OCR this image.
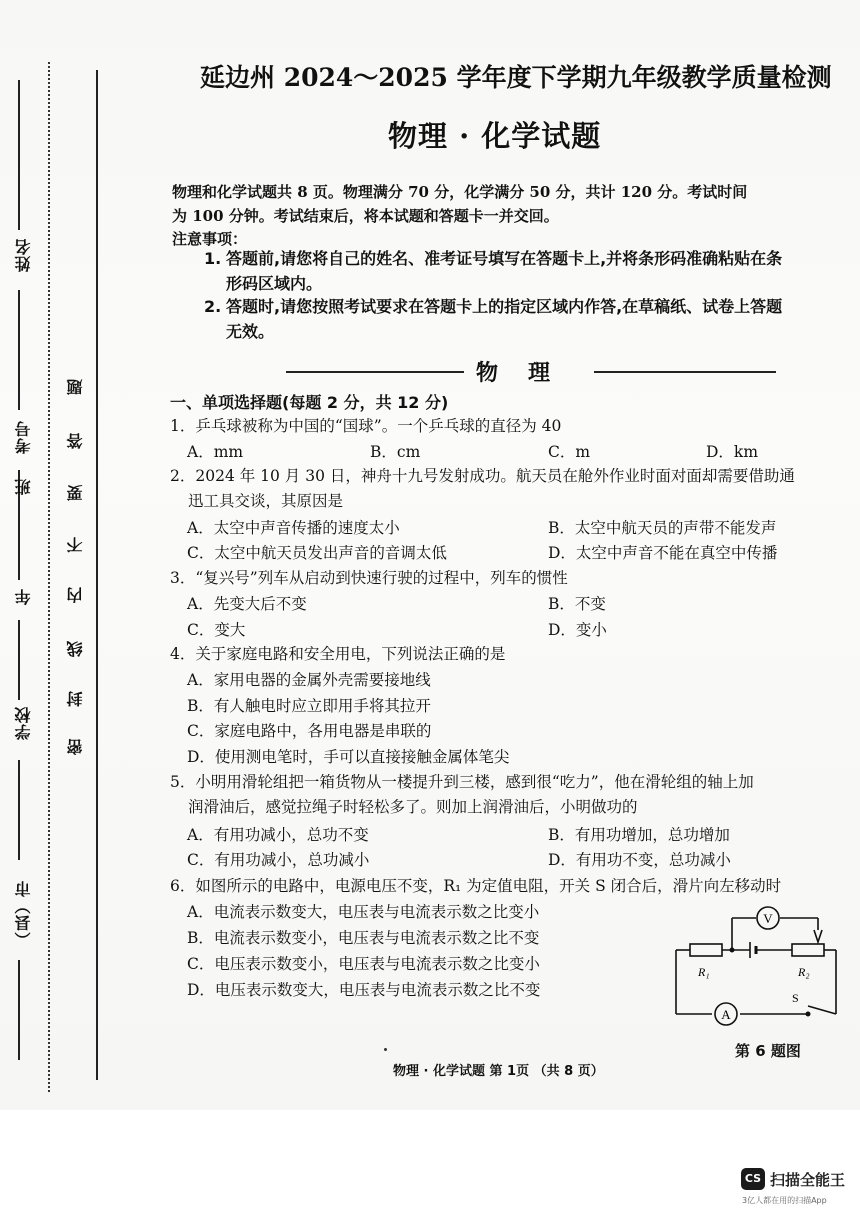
姓名
考号
班
年
学校
（县）市
密
封
线
内
不
要
答
题
延边州 2024～2025 学年度下学期九年级教学质量检测
物理 · 化学试题
物理和化学试题共 8 页。物理满分 70 分，化学满分 50 分，共计 120 分。考试时间
为 100 分钟。考试结束后，将本试题和答题卡一并交回。
注意事项：
1. 答题前,请您将自己的姓名、准考证号填写在答题卡上,并将条形码准确粘贴在条
形码区域内。
2. 答题时,请您按照考试要求在答题卡上的指定区域内作答,在草稿纸、试卷上答题
无效。
物理
一、单项选择题(每题 2 分，共 12 分)
1．乒乓球被称为中国的“国球”。一个乒乓球的直径为 40
A．mm	B．cm	C．m	D．km
2．2024 年 10 月 30 日，神舟十九号发射成功。航天员在舱外作业时面对面却需要借助通
迅工具交谈，其原因是
A．太空中声音传播的速度太小	B．太空中航天员的声带不能发声
C．太空中航天员发出声音的音调太低	D．太空中声音不能在真空中传播
3．“复兴号”列车从启动到快速行驶的过程中，列车的惯性
A．先变大后不变	B．不变
C．变大	D．变小
4．关于家庭电路和安全用电，下列说法正确的是
A．家用电器的金属外壳需要接地线
B．有人触电时应立即用手将其拉开
C．家庭电路中，各用电器是串联的
D．使用测电笔时，手可以直接接触金属体笔尖
5．小明用滑轮组把一箱货物从一楼提升到三楼，感到很“吃力”，他在滑轮组的轴上加
润滑油后，感觉拉绳子时轻松多了。则加上润滑油后，小明做功的
A．有用功减小，总功不变	B．有用功增加，总功增加
C．有用功减小，总功减小	D．有用功不变，总功减小
6．如图所示的电路中，电源电压不变，R₁ 为定值电阻，开关 S 闭合后，滑片向左移动时
A．电流表示数变大，电压表与电流表示数之比变小
B．电流表示数变小，电压表与电流表示数之比不变
C．电压表示数变小，电压表与电流表示数之比变小
D．电压表示数变大，电压表与电流表示数之比不变
V
A
R₁	R₂
S
第 6 题图
物理 · 化学试题 第 1页 （共 8 页）
CS 扫描全能王
3亿人都在用的扫描App
